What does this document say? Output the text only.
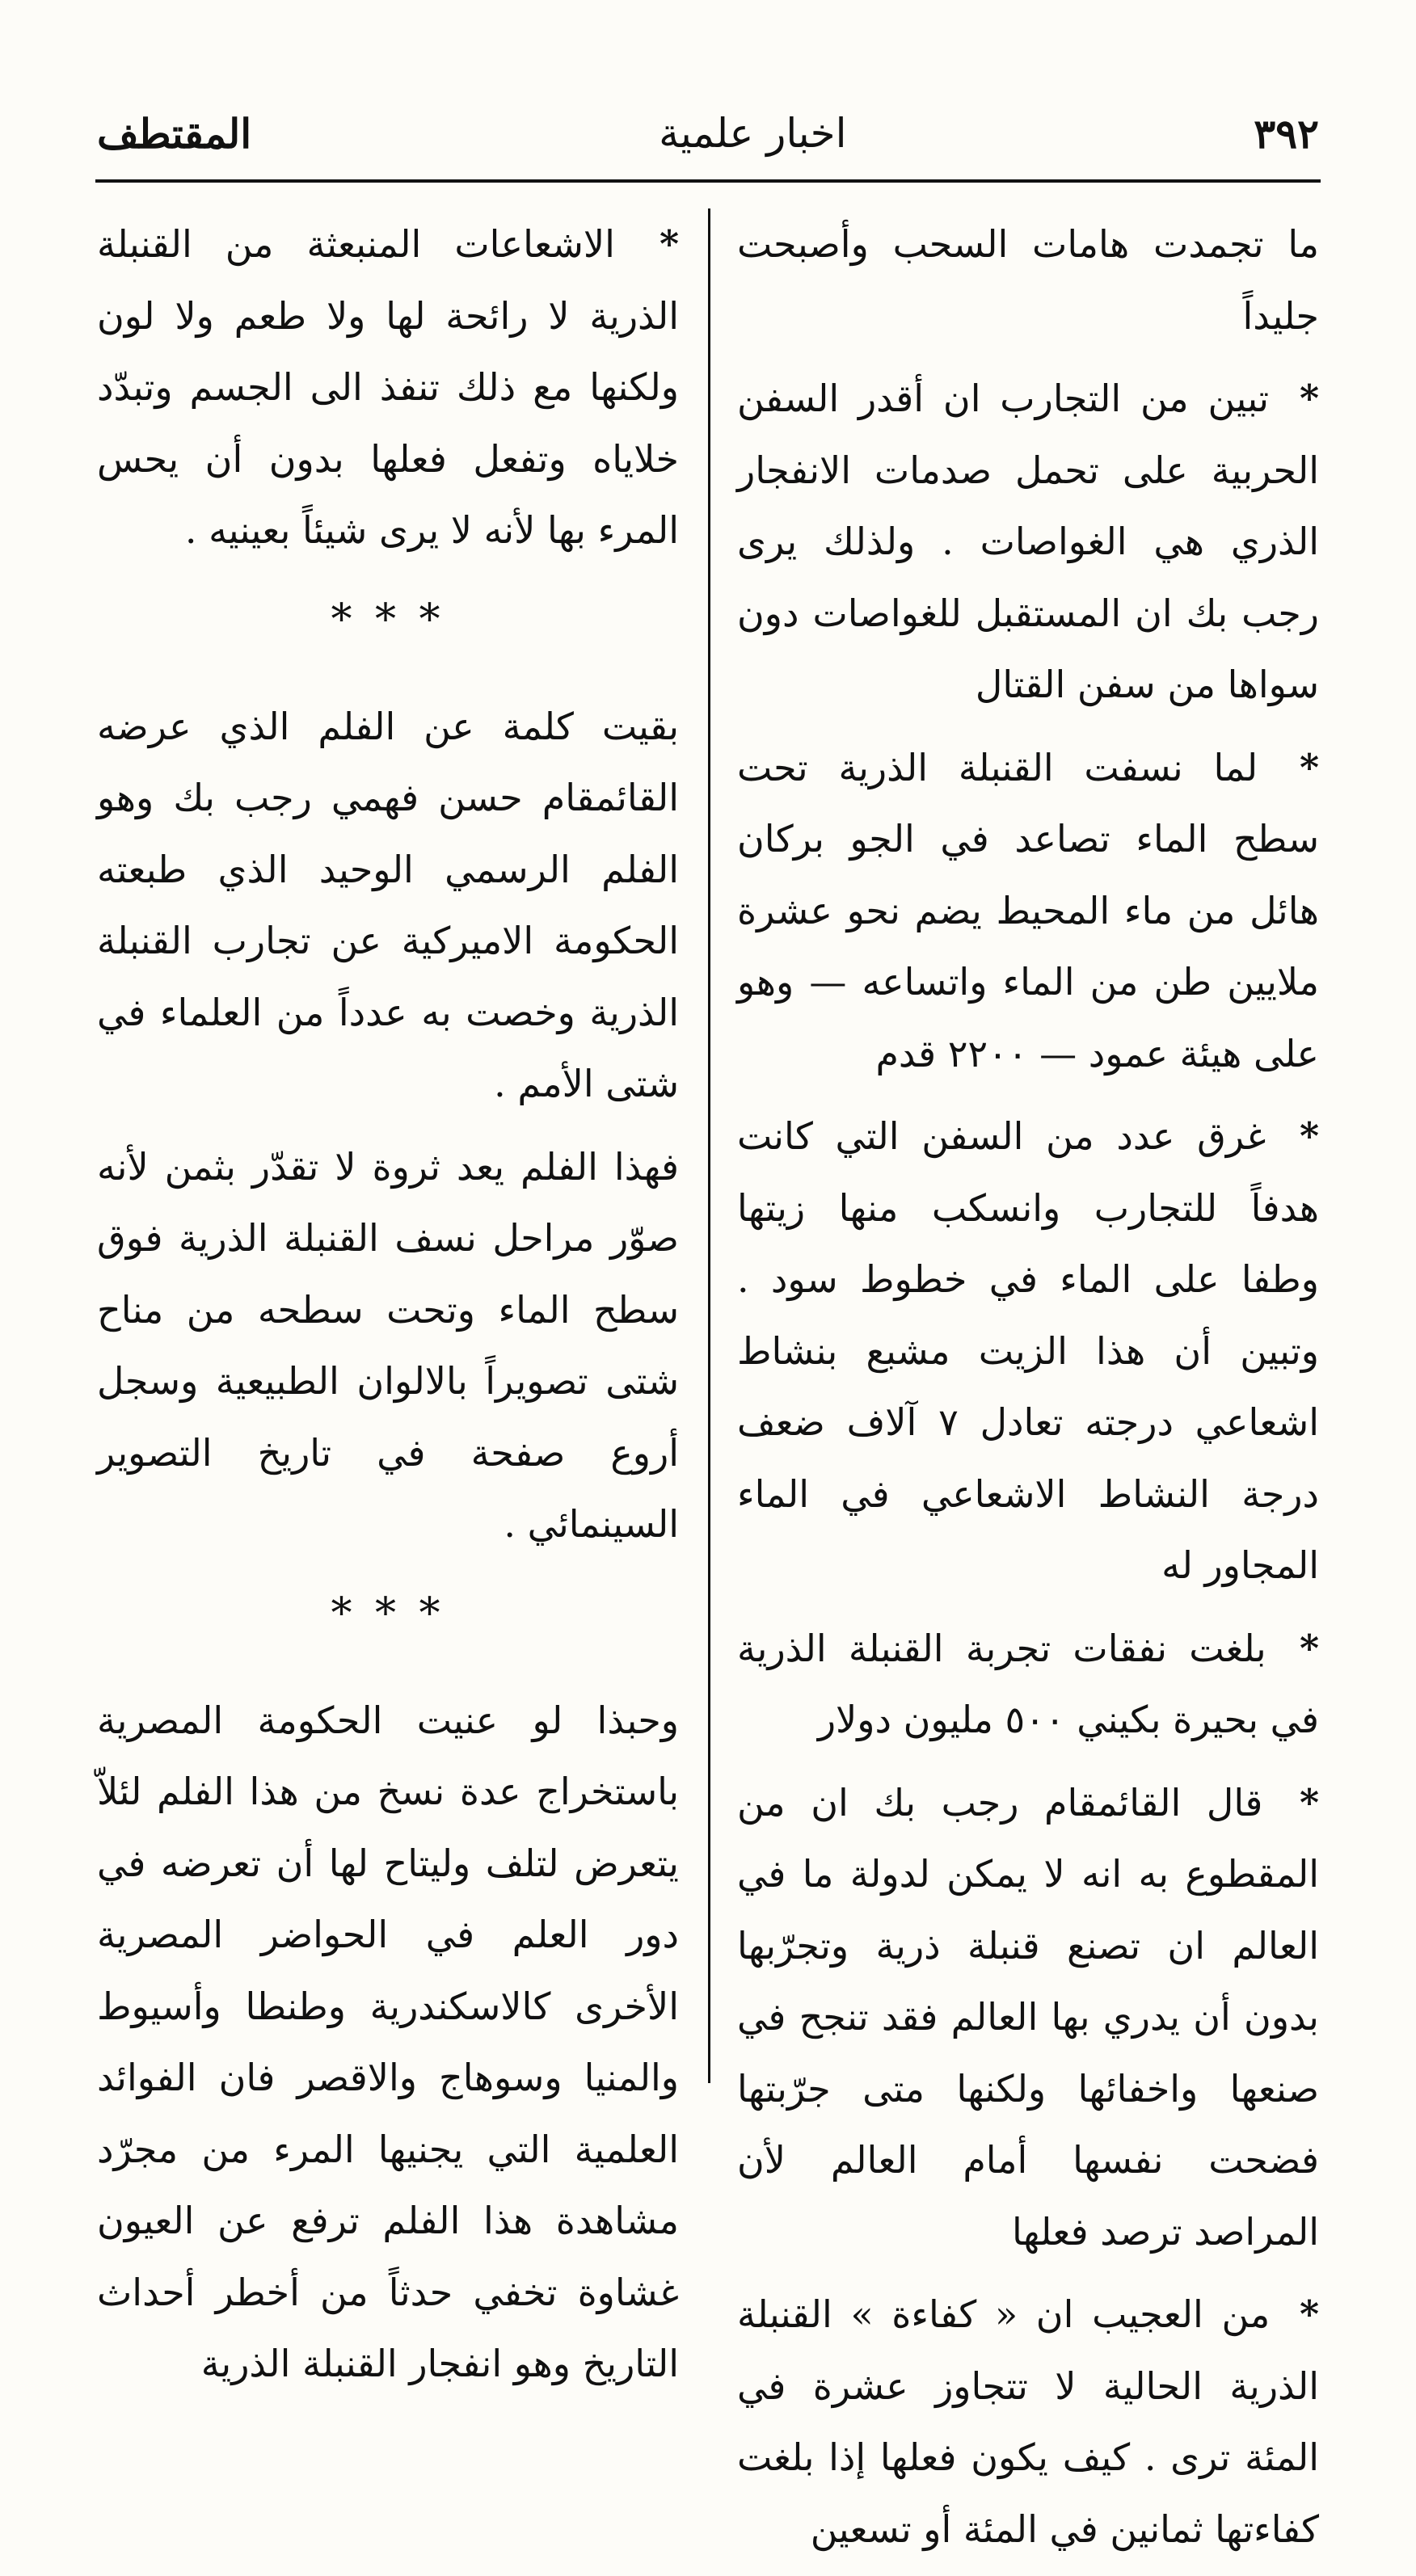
٣٩٢
اخبار علمية
المقتطف

ما تجمدت هامات السحب وأصبحت جليداً

* تبين من التجارب ان أقدر السفن الحربية على تحمل صدمات الانفجار الذري هي الغواصات . ولذلك يرى رجب بك ان المستقبل للغواصات دون سواها من سفن القتال

* لما نسفت القنبلة الذرية تحت سطح الماء تصاعد في الجو بركان هائل من ماء المحيط يضم نحو عشرة ملايين طن من الماء واتساعه — وهو على هيئة عمود — ٢٢٠٠ قدم

* غرق عدد من السفن التي كانت هدفاً للتجارب وانسكب منها زيتها وطفا على الماء في خطوط سود . وتبين أن هذا الزيت مشبع بنشاط اشعاعي درجته تعادل ٧ آلاف ضعف درجة النشاط الاشعاعي في الماء المجاور له

* بلغت نفقات تجربة القنبلة الذرية في بحيرة بكيني ٥٠٠ مليون دولار

* قال القائمقام رجب بك ان من المقطوع به انه لا يمكن لدولة ما في العالم ان تصنع قنبلة ذرية وتجرّبها بدون أن يدري بها العالم فقد تنجح في صنعها واخفائها ولكنها متى جرّبتها فضحت نفسها أمام العالم لأن المراصد ترصد فعلها

* من العجيب ان « كفاءة » القنبلة الذرية الحالية لا تتجاوز عشرة في المئة ترى . كيف يكون فعلها إذا بلغت كفاءتها ثمانين في المئة أو تسعين

* الاشعاعات المنبعثة من القنبلة الذرية لا رائحة لها ولا طعم ولا لون ولكنها مع ذلك تنفذ الى الجسم وتبدّد خلاياه وتفعل فعلها بدون أن يحس المرء بها لأنه لا يرى شيئاً بعينيه .

* * *

بقيت كلمة عن الفلم الذي عرضه القائمقام حسن فهمي رجب بك وهو الفلم الرسمي الوحيد الذي طبعته الحكومة الاميركية عن تجارب القنبلة الذرية وخصت به عدداً من العلماء في شتى الأمم .

فهذا الفلم يعد ثروة لا تقدّر بثمن لأنه صوّر مراحل نسف القنبلة الذرية فوق سطح الماء وتحت سطحه من مناح شتى تصويراً بالالوان الطبيعية وسجل أروع صفحة في تاريخ التصوير السينمائي .

* * *

وحبذا لو عنيت الحكومة المصرية باستخراج عدة نسخ من هذا الفلم لئلاّ يتعرض لتلف وليتاح لها أن تعرضه في دور العلم في الحواضر المصرية الأخرى كالاسكندرية وطنطا وأسيوط والمنيا وسوهاج والاقصر فان الفوائد العلمية التي يجنيها المرء من مجرّد مشاهدة هذا الفلم ترفع عن العيون غشاوة تخفي حدثاً من أخطر أحداث التاريخ وهو انفجار القنبلة الذرية
